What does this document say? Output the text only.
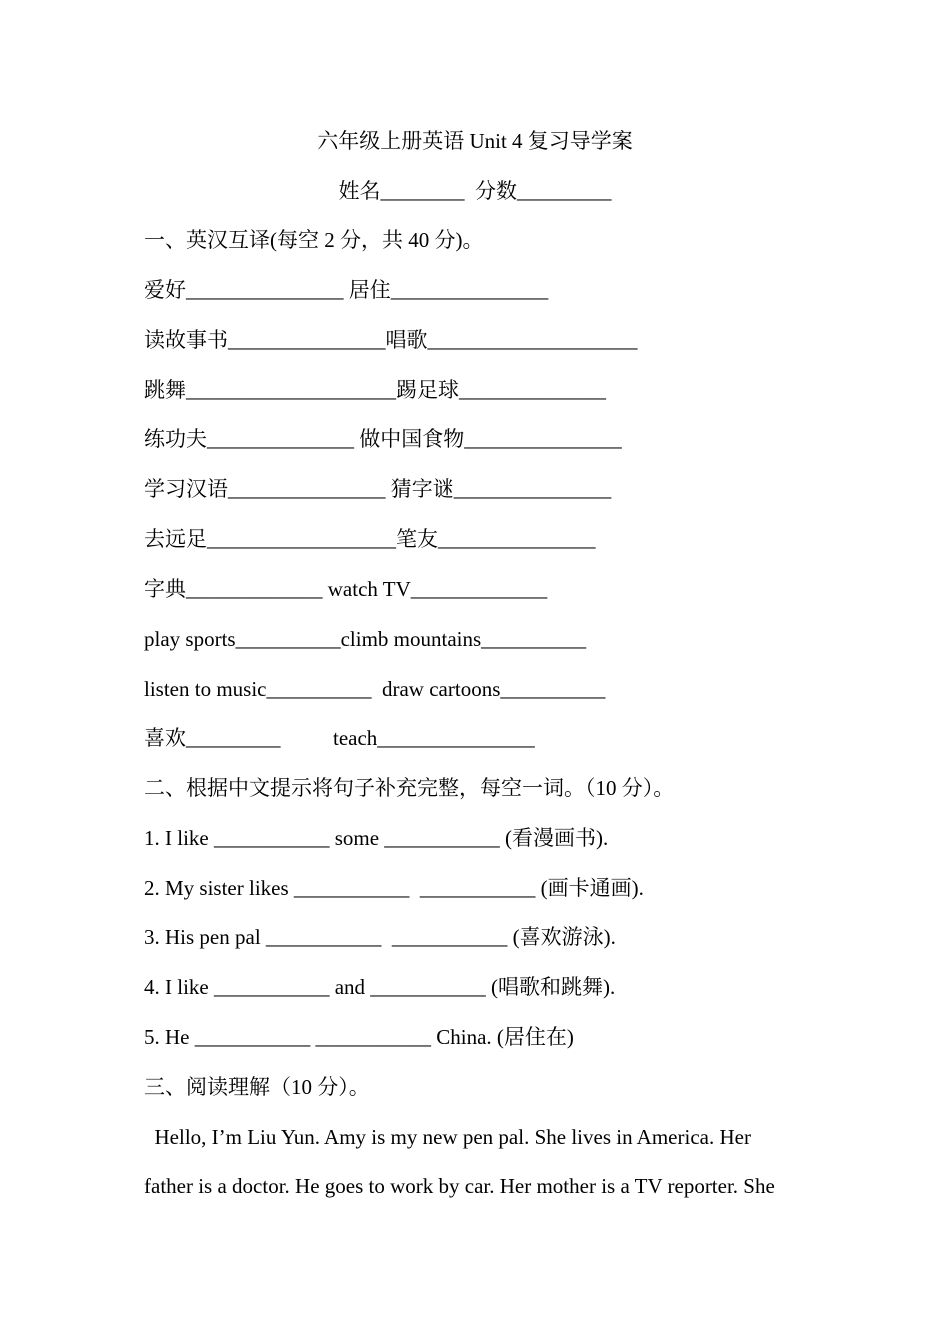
六年级上册英语 Unit 4 复习导学案
姓名________  分数_________
一、英汉互译(每空 2 分，共 40 分)。
爱好_______________ 居住_______________
读故事书_______________唱歌____________________
跳舞____________________踢足球______________
练功夫______________ 做中国食物_______________
学习汉语_______________ 猜字谜_______________
去远足__________________笔友_______________
字典_____________ watch TV_____________
play sports__________climb mountains__________
listen to music__________  draw cartoons__________
喜欢_________          teach_______________
二、根据中文提示将句子补充完整，每空一词。（10 分）。
1. I like ___________ some ___________ (看漫画书).
2. My sister likes ___________  ___________ (画卡通画).
3. His pen pal ___________  ___________ (喜欢游泳).
4. I like ___________ and ___________ (唱歌和跳舞).
5. He ___________ ___________ China. (居住在)
三、阅读理解（10 分）。
Hello, I’m Liu Yun. Amy is my new pen pal. She lives in America. Her
father is a doctor. He goes to work by car. Her mother is a TV reporter. She
